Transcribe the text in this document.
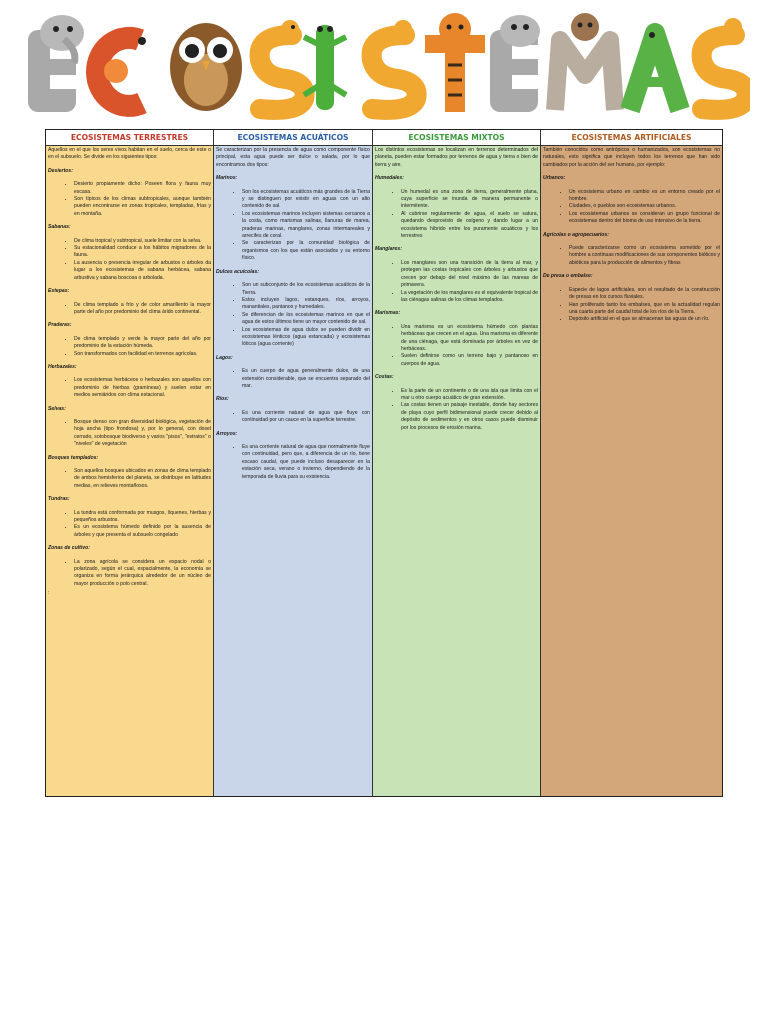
ECOSISTEMAS TERRESTRES

Aquellos en el que los seres vivos habitan en el suelo, cerca de este o en el subsuelo. Se divide en los siguientes tipos:

Desiertos:
• Desierto propiamente dicho: Poseen flora y fauna muy escasa.
• Son típicos de los climas subtropicales, aunque también pueden encontrarse en zonas tropicales, templadas, frías y en montaña.
Sabanas:
• De clima tropical y subtropical, suele limitar con la selva.
• Su estacionalidad conduce a los hábitos migradores de la fauna.
• La ausencia o presencia irregular de arbustos o árboles da lugar a los ecosistemas de sabana herbácea, sabana arbustiva y sabana boscosa o arbolada.
Estepas:
• De clima templado a frío y de color amarillento la mayor parte del año por predominio del clima árido continental.
Praderas:
• De clima templado y verde la mayor parte del año por predominio de la estación húmeda.
• Son transformados con facilidad en terrenos agrícolas.
Herbazales:
• Los ecosistemas herbáceos o herbazales son aquellos con predominio de hierbas (gramíneas) y suelen estar en medios semiáridos con clima estacional.
Selvas:
• Bosque denso con gran diversidad biológica, vegetación de hoja ancha (tipo frondosa) y, por lo general, con dosel cerrado, sotobosque biodiverso y varios "pisos", "estratos" o "niveles" de vegetación
Bosques templados:
• Son aquellos bosques ubicados en zonas de clima templado de ambos hemisferios del planeta, se distribuye en latitudes medias, en relieves montañosos.
Tundras:
• La tundra está conformada por musgos, líquenes, hierbas y pequeños arbustos.
• Es un ecosistema húmedo definido por la ausencia de árboles y que presenta el subsuelo congelado
Zonas de cultivo:
• La zona agrícola se considera un espacio nodal o polarizado, según el cual, espacialmente, la economía se organiza en forma jerárquica alrededor de un núcleo de mayor producción o polo central.
:
ECOSISTEMAS ACUÁTICOS

Se caracterizan por la presencia de agua como componente físico principal, esta agua puede ser dulce o salada, por lo que encontramos dos tipos:

Marinos:
• Son los ecosistemas acuáticos más grandes de la Tierra y se distinguen por existir en aguas con un alto contenido de sal.
• Los ecosistemas marinos incluyen sistemas cercanos a la costa, como marismas salinas, llanuras de marea, praderas marinas, manglares, zonas intermareales y arrecifes de coral.
• Se caracterizan por la comunidad biológica de organismos con los que están asociados y su entorno físico.
Dulces acuícolas:
• Son un subconjunto de los ecosistemas acuáticos de la Tierra.
• Estos incluyen lagos, estanques, ríos, arroyos, manantiales, pantanos y humedales.
• Se diferencian de los ecosistemas marinos en que el agua de estos últimos tiene un mayor contenido de sal.
• Los ecosistemas de agua dulce se pueden dividir en ecosistemas lénticos (agua estancada) y ecosistemas lóticos (agua corriente)
Lagos:
• Es un cuerpo de agua generalmente dulce, de una extensión considerable, que se encuentra separado del mar.
Ríos:
• Es una corriente natural de agua que fluye con continuidad por un cauce en la superficie terrestre.
Arroyos:
• Es una corriente natural de agua que normalmente fluye con continuidad, pero que, a diferencia de un río, tiene escaso caudal, que puede incluso desaparecer en la estación seca, verano o invierno, dependiendo de la temporada de lluvia para su existencia.
ECOSISTEMAS MIXTOS

Los distintos ecosistemas se localizan en terrenos determinados del planeta, pueden estar formados por terrenos de agua y tierra o bien de tierra y aire.

Humedales:
• Un humedal es una zona de tierra, generalmente plana, cuya superficie se inunda de manera permanente o intermitente.
• Al cubrirse regularmente de agua, el suelo se satura, quedando desprovisto de oxígeno y dando lugar a un ecosistema híbrido entre los puramente acuáticos y los terrestres
Manglares:
• Los manglares son una transición de la tierra al mar, y protegen las costas tropicales con árboles y arbustos que crecen por debajo del nivel máximo de las mareas de primavera.
• La vegetación de los manglares es el equivalente tropical de las ciénagas salinas de los climas templados.
Marismas:
• Una marisma es un ecosistema húmedo con plantas herbáceas que crecen en el agua. Una marisma es diferente de una ciénaga, que está dominada por árboles en vez de herbáceas.
• Suelen definirse como un terreno bajo y pantanoso en cuerpos de agua.
Costas:
• Es la parte de un continente o de una isla que limita con el mar u otro cuerpo acuático de gran extensión.
• Las costas tienen un paisaje inestable, donde hay sectores de playa cuyo perfil bidimensional puede crecer debido al depósito de sedimentos y en otros casos puede disminuir por los procesos de erosión marina.
ECOSISTEMAS ARTIFICIALES

También conocidos como antrópicos o humanizados, son ecosistemas no naturales, esto significa que incluyen todos los terrenos que han sido cambiados por la acción del ser humano, por ejemplo:

Urbanos:
• Un ecosistema urbano en cambio es un entorno creado por el hombre.
• Ciudades, o pueblos son ecosistemas urbanos.
• Los ecosistemas urbanos se consideran un grupo funcional de ecosistemas dentro del bioma de uso intensivo de la tierra.
Agrícolas o agropecuarios:
• Puede caracterizarse como un ecosistema sometido por el hombre a continuas modificaciones de sus componentes bióticos y abióticos para la producción de alimentos y fibras
De presa o embalse:
• Especie de lagos artificiales, son el resultado de la construcción de presas en los cursos fluviales.
• Han proliferado tanto los embalses, que en la actualidad regulan una cuarta parte del caudal total de los ríos de la Tierra.
• Depósito artificial en el que se almacenan las aguas de un río.
